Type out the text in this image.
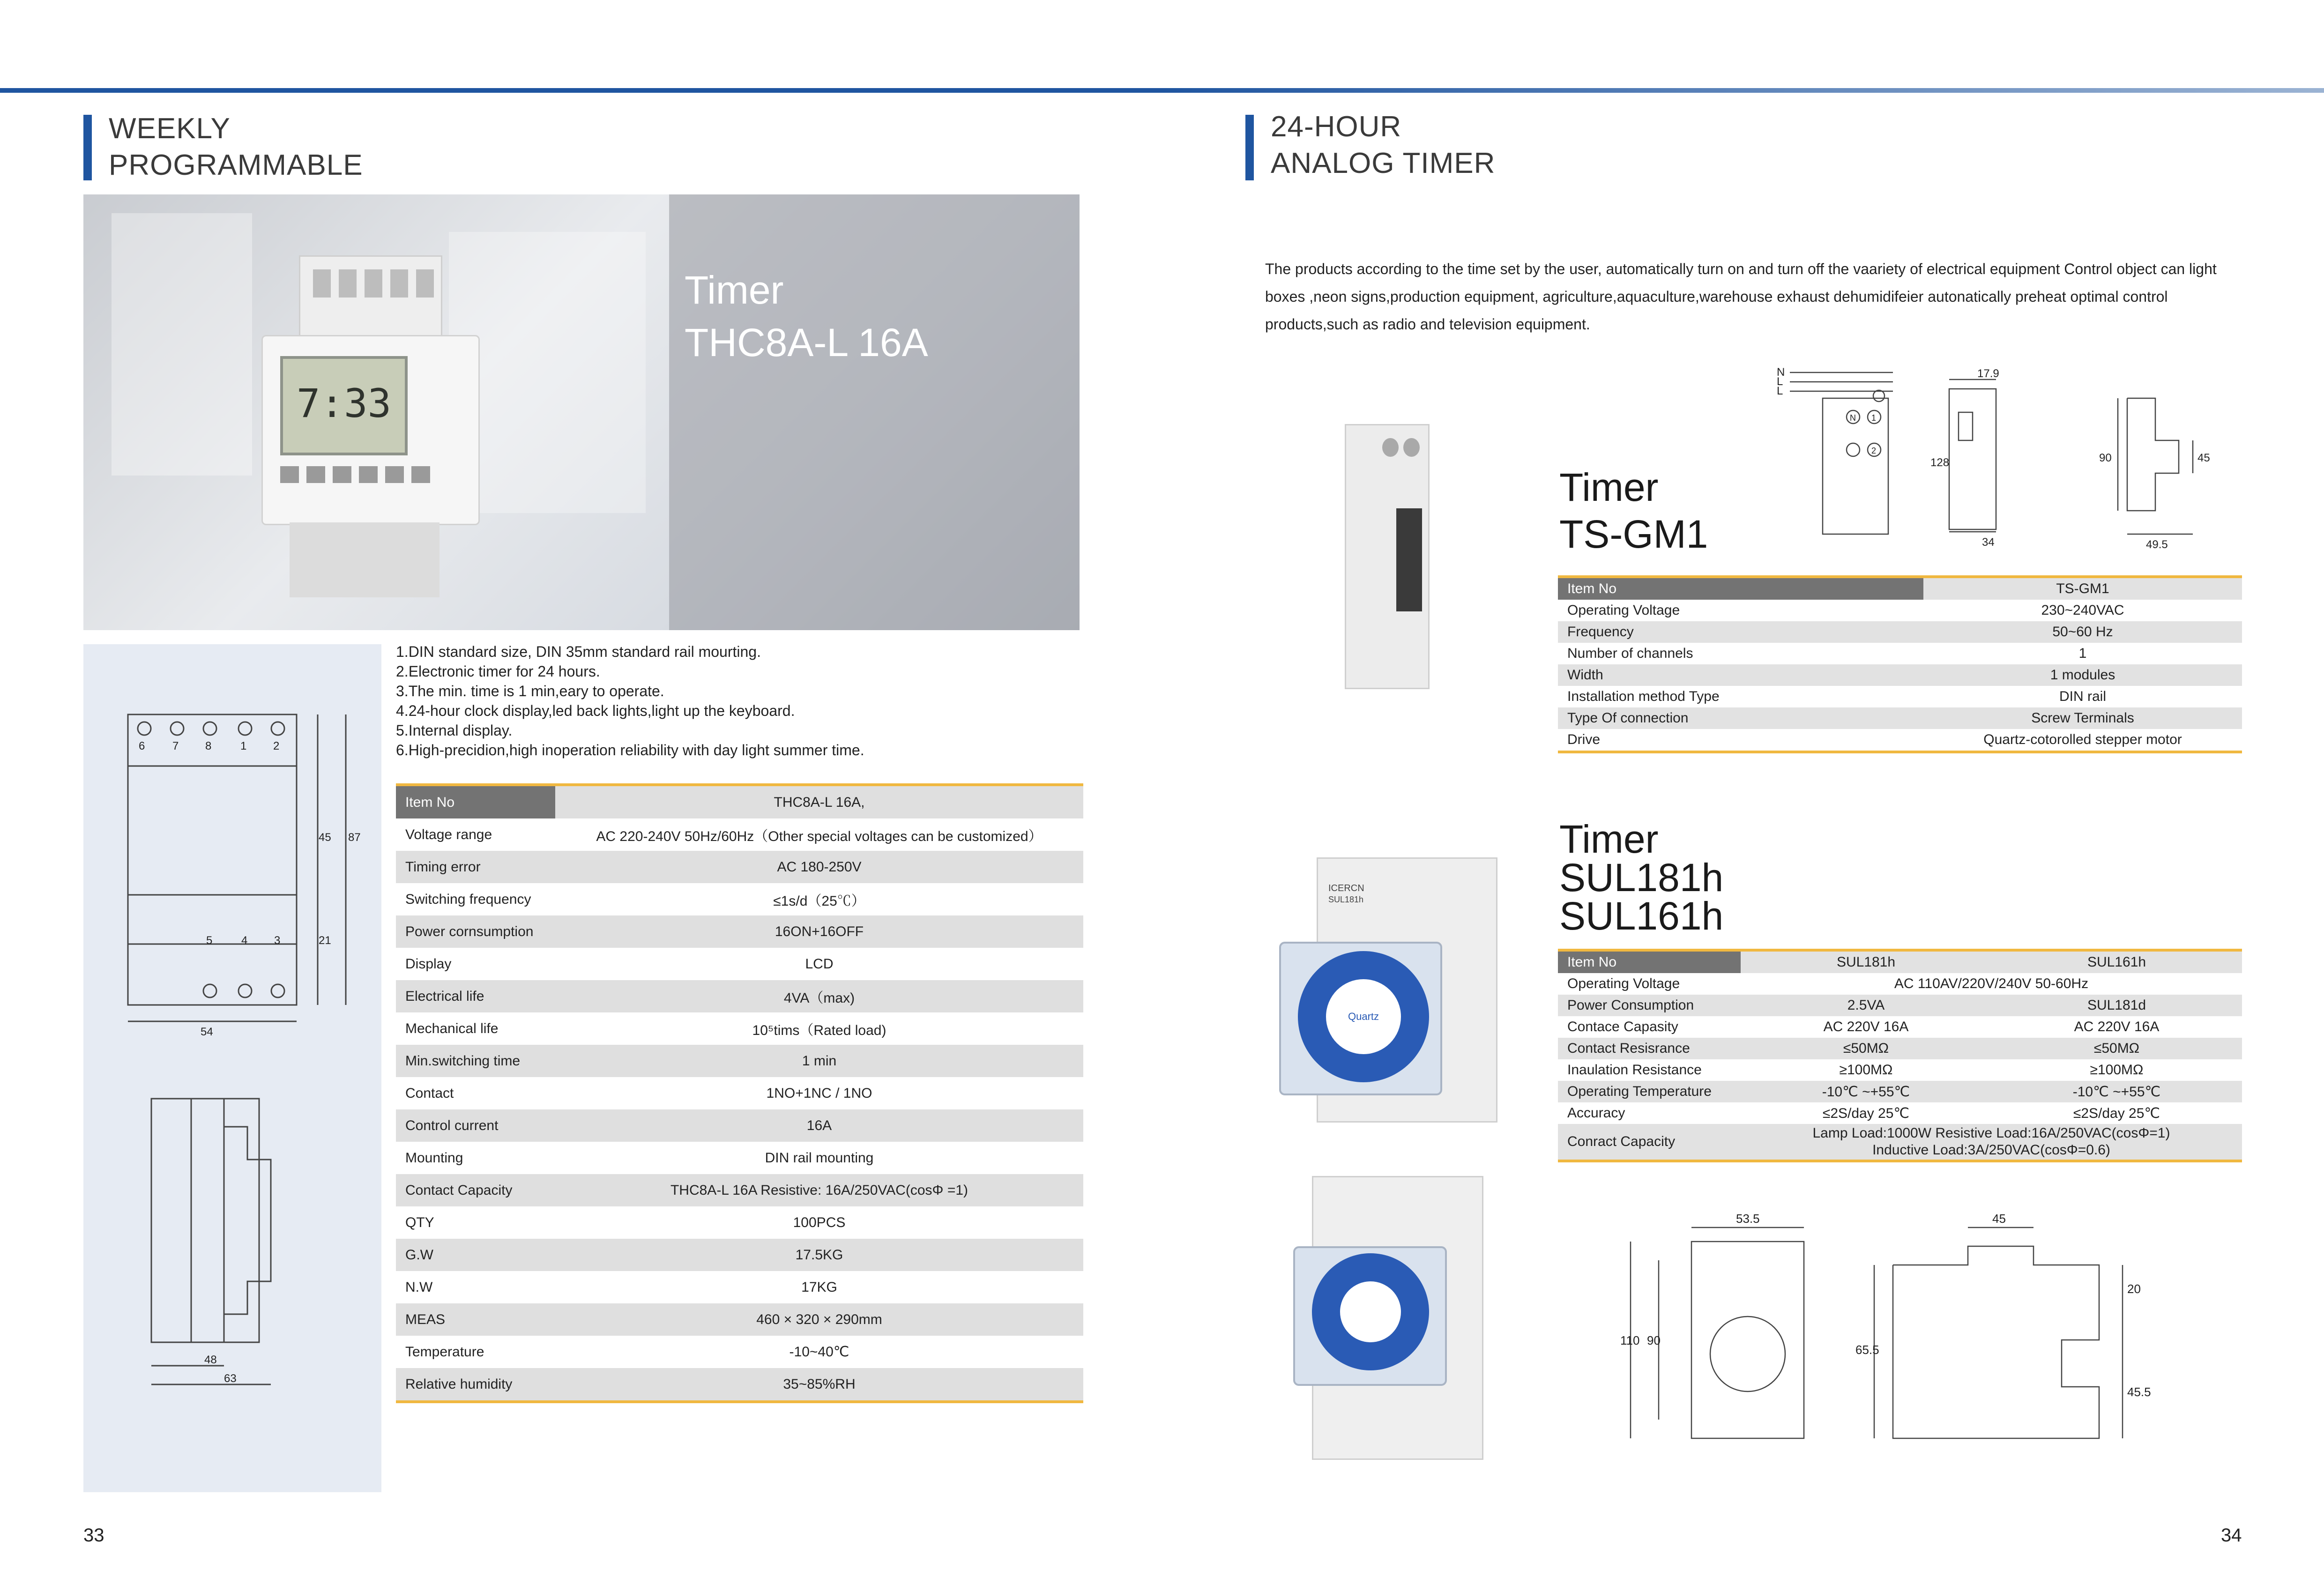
WEEKLY
PROGRAMMABLE
7:33
Timer
THC8A-L 16A
6 7 8	1 2
5	4 3
45 87
21
54
48
63
1.DIN standard size, DIN 35mm standard rail mourting.
2.Electronic timer for 24 hours.
3.The min. time is 1 min,eary to operate.
4.24-hour clock display,led back lights,light up the keyboard.
5.Internal display.
6.High-precidion,high inoperation reliability with day light summer time.
Item No	THC8A-L 16A,
Voltage range	AC 220-240V 50Hz/60Hz（Other special voltages can be customized）
Timing error	AC 180-250V
Switching frequency	≤1s/d（25℃）
Power cornsumption	16ON+16OFF
Display	LCD
Electrical life	4VA（max)
Mechanical life	10⁵tims（Rated load)
Min.switching time	1 min
Contact	1NO+1NC / 1NO
Control current	16A
Mounting	DIN rail mounting
Contact Capacity	THC8A-L 16A Resistive: 16A/250VAC(cosΦ =1)
QTY	100PCS
G.W	17.5KG
N.W	17KG
MEAS	460 × 320 × 290mm
Temperature	-10~40℃
Relative humidity	35~85%RH
33
24-HOUR
ANALOG TIMER
The products according to the time set by the user, automatically turn on and turn off the vaariety of electrical equipment Control object can light boxes ,neon signs,production equipment, agriculture,aquaculture,warehouse exhaust dehumidifeier autonatically preheat optimal control products,such as radio and television equipment.
Timer
TS-GM1
N
L
L
N 1
2
17.9
128
34
90	45
49.5
Item No	TS-GM1
Operating Voltage	230~240VAC
Frequency	50~60 Hz
Number of channels	1
Width	1 modules
Installation method Type	DIN rail
Type Of connection	Screw Terminals
Drive	Quartz-cotorolled stepper motor
Quartz
ICERCN
SUL181h
Timer
SUL181h
SUL161h
Item No	SUL181h	SUL161h
Operating Voltage	AC 110AV/220V/240V 50-60Hz	
Power Consumption	2.5VA	SUL181d
Contace Capasity	AC 220V 16A	AC 220V 16A
Contact Resisrance	≤50MΩ	≤50MΩ
Inaulation Resistance	≥100MΩ	≥100MΩ
Operating Temperature	-10℃ ~+55℃	-10℃ ~+55℃
Accuracy	≤2S/day 25℃	≤2S/day 25℃
Conract Capacity	Lamp Load:1000W Resistive Load:16A/250VAC(cosΦ=1)
Inductive Load:3A/250VAC(cosΦ=0.6)	
53.5
110 90
45
65.5
20
45.5
34
